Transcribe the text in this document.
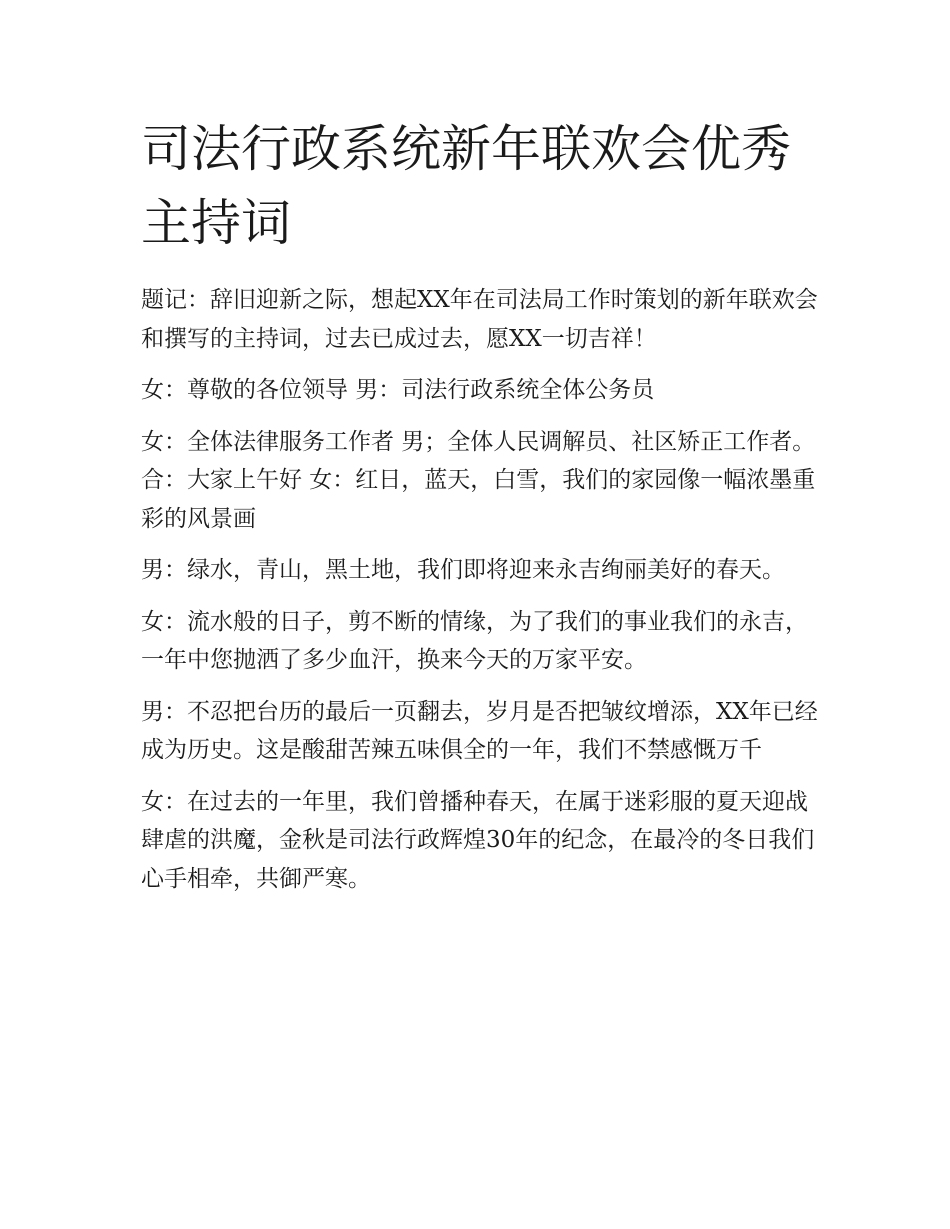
司法行政系统新年联欢会优秀主持词

题记：辞旧迎新之际，想起XX年在司法局工作时策划的新年联欢会和撰写的主持词，过去已成过去，愿XX一切吉祥！

女：尊敬的各位领导 男：司法行政系统全体公务员

女：全体法律服务工作者 男；全体人民调解员、社区矫正工作者。 合：大家上午好 女：红日，蓝天，白雪，我们的家园像一幅浓墨重彩的风景画

男：绿水，青山，黑土地，我们即将迎来永吉绚丽美好的春天。

女：流水般的日子，剪不断的情缘，为了我们的事业我们的永吉，一年中您抛洒了多少血汗，换来今天的万家平安。

男：不忍把台历的最后一页翻去，岁月是否把皱纹增添，XX年已经成为历史。这是酸甜苦辣五味俱全的一年，我们不禁感慨万千

女：在过去的一年里，我们曾播种春天，在属于迷彩服的夏天迎战肆虐的洪魔，金秋是司法行政辉煌30年的纪念，在最冷的冬日我们心手相牵，共御严寒。
